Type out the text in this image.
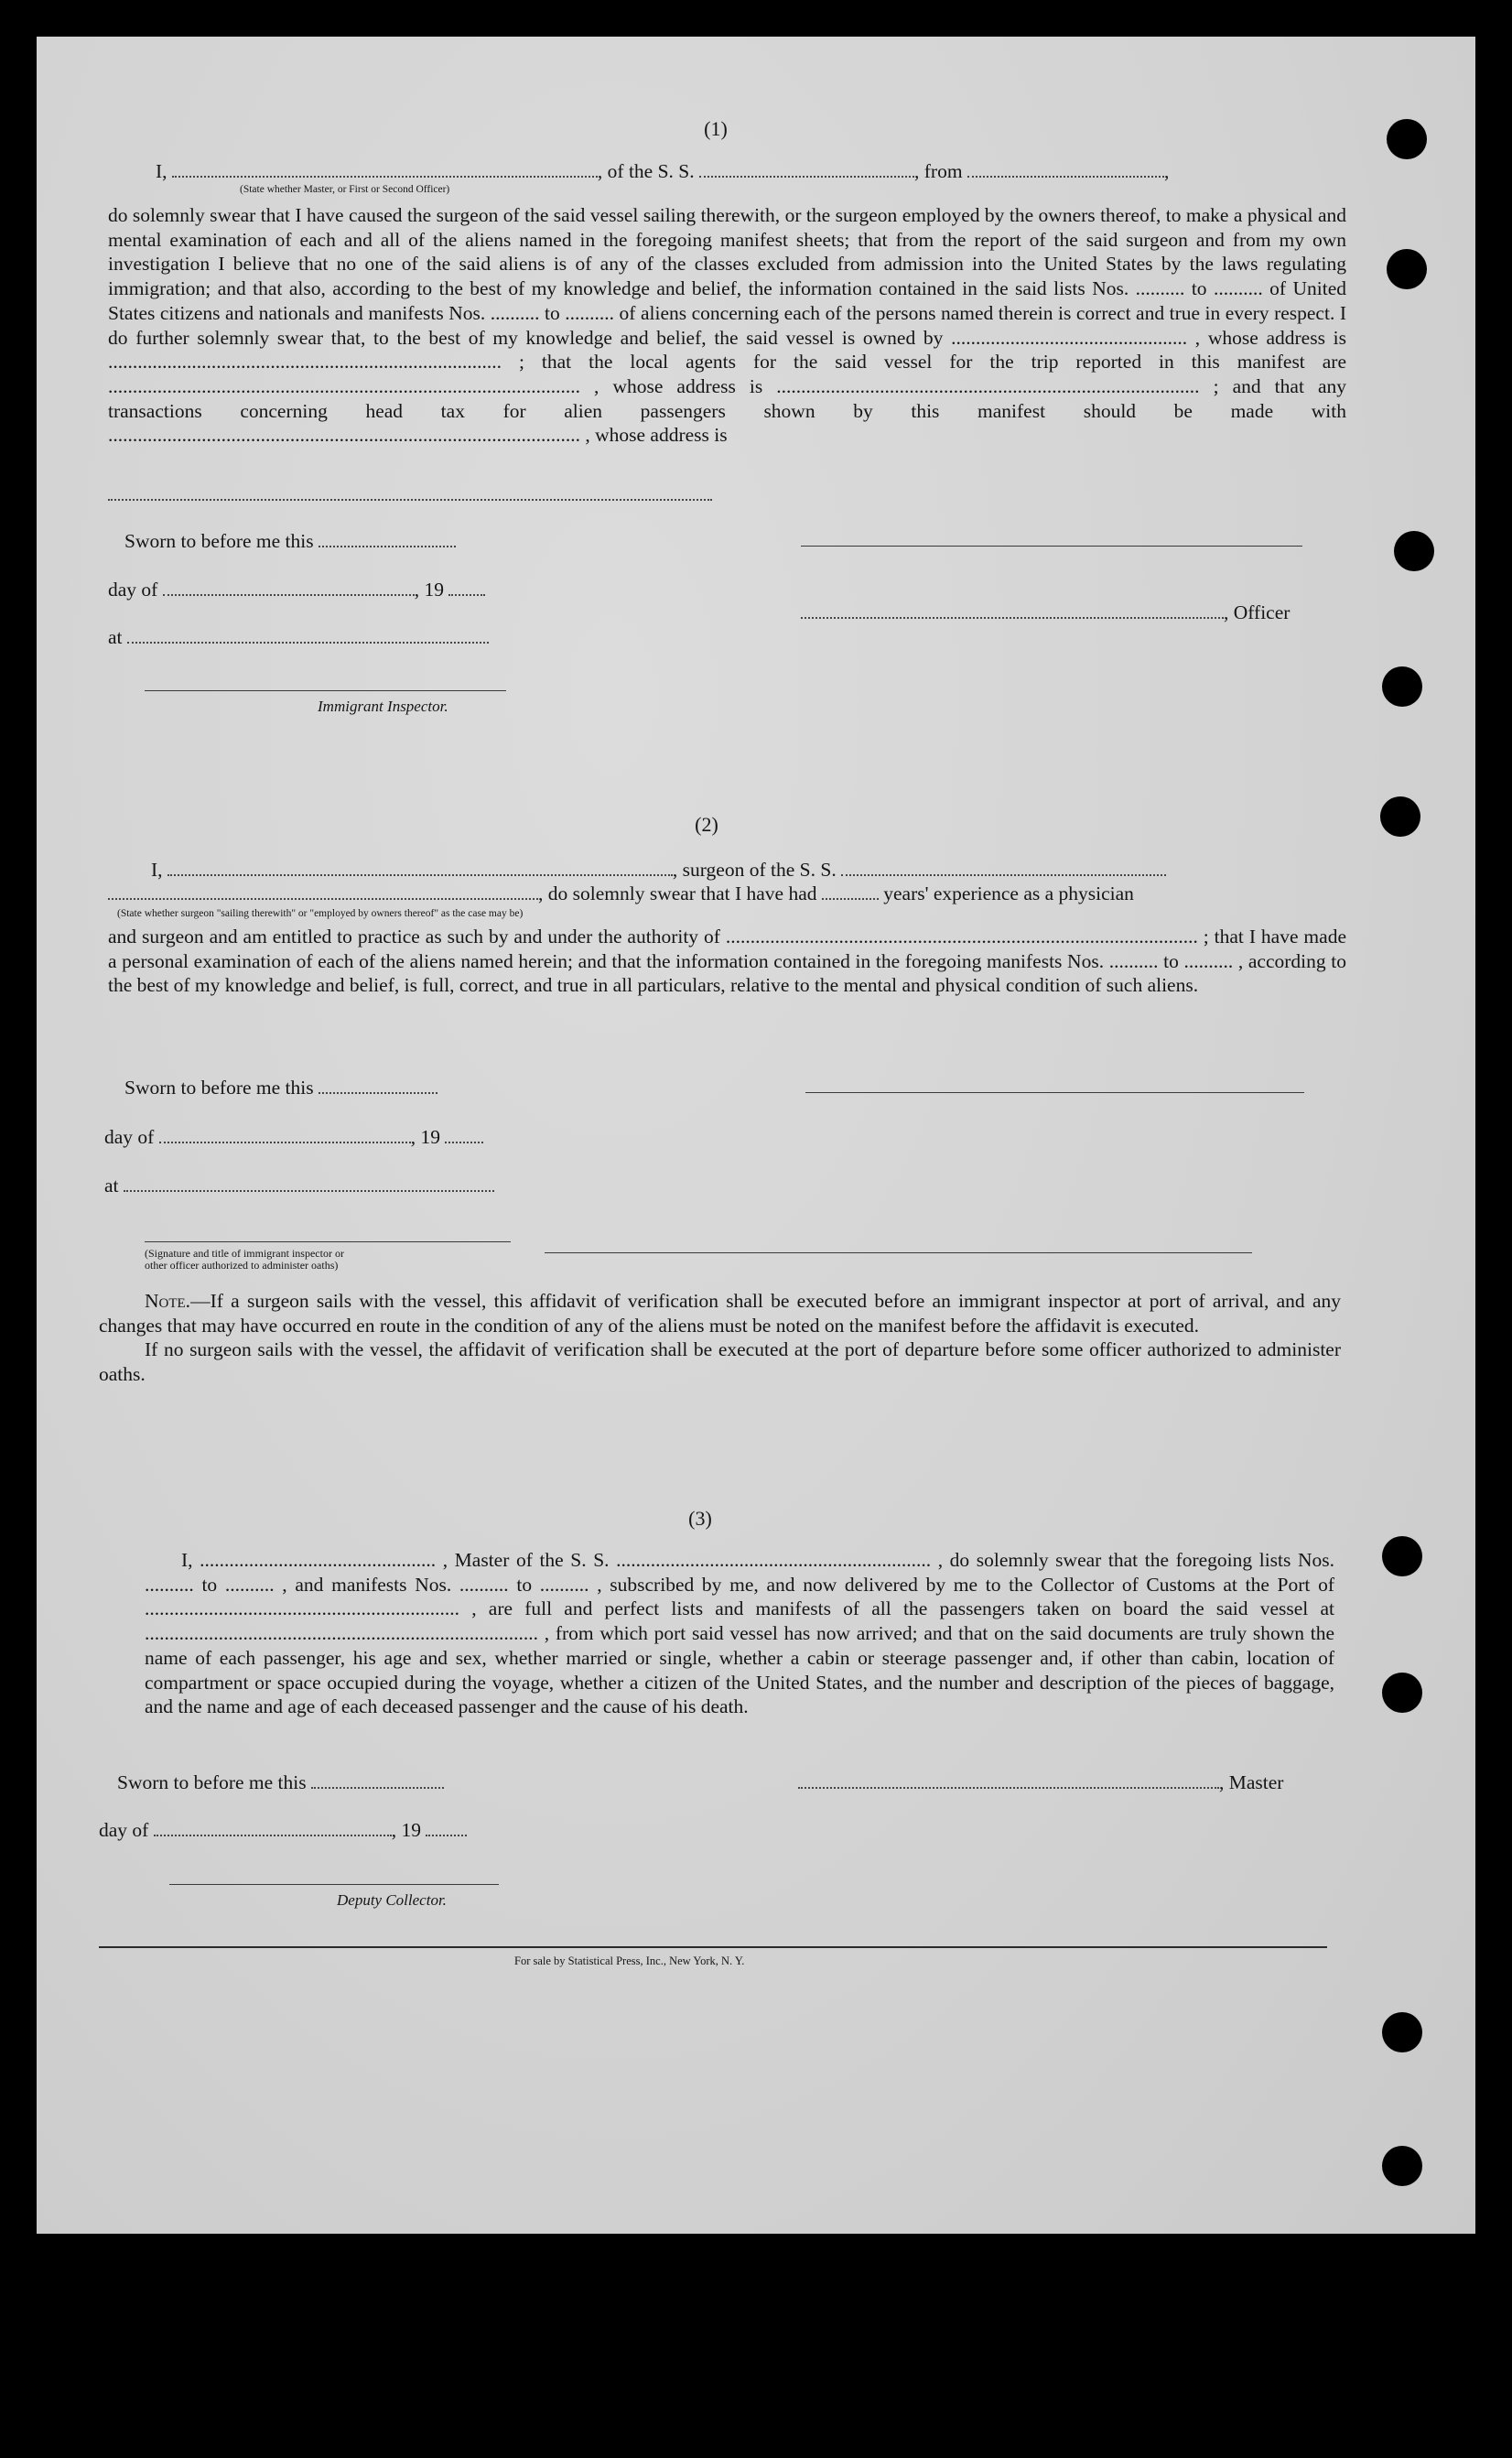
(1)
I,	, of the S. S.	, from	,
(State whether Master, or First or Second Officer)

do solemnly swear that I have caused the surgeon of the said vessel sailing therewith, or the surgeon employed by the owners thereof, to make a physical and mental examination of each and all of the aliens named in the foregoing manifest sheets; that from the report of the said surgeon and from my own investigation I believe that no one of the said aliens is of any of the classes excluded from admission into the United States by the laws regulating immigration; and that also, according to the best of my knowledge and belief, the information contained in the said lists Nos. .......... to .......... of United States citizens and nationals and manifests Nos. .......... to .......... of aliens concerning each of the persons named therein is correct and true in every respect. I do further solemnly swear that, to the best of my knowledge and belief, the said vessel is owned by ................................................ , whose address is ................................................................................ ; that the local agents for the said vessel for the trip reported in this manifest are ................................................................................................ , whose address is ...................................................................................... ; and that any transactions concerning head tax for alien passengers shown by this manifest should be made with ................................................................................................ , whose address is

Sworn to before me this
day of	, 19
, Officer
at
Immigrant Inspector.
(2)
I,	, surgeon of the S. S.
, do solemnly swear that I have had	years' experience as a physician
(State whether surgeon "sailing therewith" or "employed by owners thereof" as the case may be)

and surgeon and am entitled to practice as such by and under the authority of ................................................................................................ ; that I have made a personal examination of each of the aliens named herein; and that the information contained in the foregoing manifests Nos. .......... to .......... , according to the best of my knowledge and belief, is full, correct, and true in all particulars, relative to the mental and physical condition of such aliens.

Sworn to before me this
day of	, 19
at
(Signature and title of immigrant inspector or
other officer authorized to administer oaths)

Note.—If a surgeon sails with the vessel, this affidavit of verification shall be executed before an immigrant inspector at port of arrival, and any changes that may have occurred en route in the condition of any of the aliens must be noted on the manifest before the affidavit is executed.

If no surgeon sails with the vessel, the affidavit of verification shall be executed at the port of departure before some officer authorized to administer oaths.

(3)

I, ................................................ , Master of the S. S. ................................................................ , do solemnly swear that the foregoing lists Nos. .......... to .......... , and manifests Nos. .......... to .......... , subscribed by me, and now delivered by me to the Collector of Customs at the Port of ................................................................ , are full and perfect lists and manifests of all the passengers taken on board the said vessel at ................................................................................ , from which port said vessel has now arrived; and that on the said documents are truly shown the name of each passenger, his age and sex, whether married or single, whether a cabin or steerage passenger and, if other than cabin, location of compartment or space occupied during the voyage, whether a citizen of the United States, and the number and description of the pieces of baggage, and the name and age of each deceased passenger and the cause of his death.

Sworn to before me this	, Master
day of	, 19
Deputy Collector.
For sale by Statistical Press, Inc., New York, N. Y.
